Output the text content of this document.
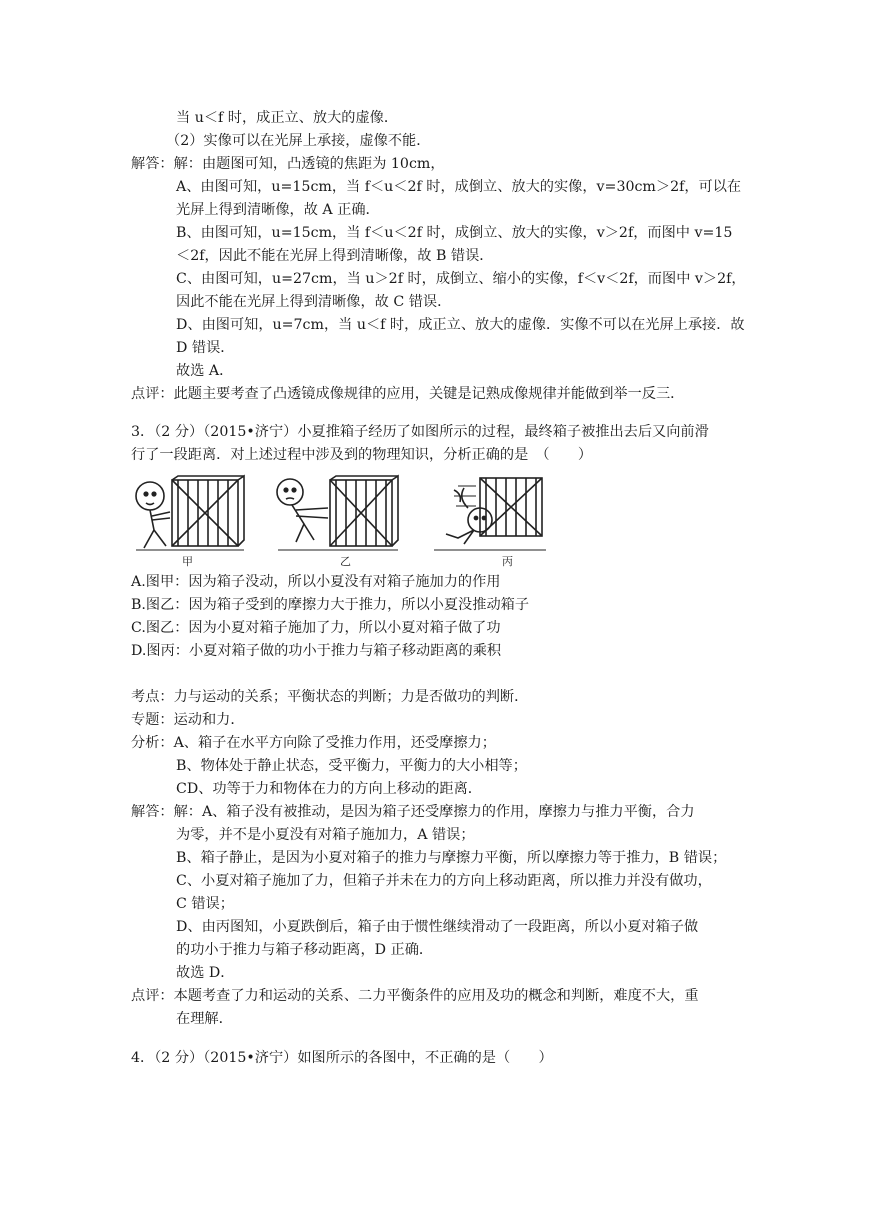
当 u＜f 时，成正立、放大的虚像．
（2）实像可以在光屏上承接，虚像不能．
解答：解：由题图可知，凸透镜的焦距为 10cm，
A、由图可知，u=15cm，当 f＜u＜2f 时，成倒立、放大的实像，v=30cm＞2f，可以在
光屏上得到清晰像，故 A 正确．
B、由图可知，u=15cm，当 f＜u＜2f 时，成倒立、放大的实像，v＞2f，而图中 v=15
＜2f，因此不能在光屏上得到清晰像，故 B 错误．
C、由图可知，u=27cm，当 u＞2f 时，成倒立、缩小的实像，f＜v＜2f，而图中 v＞2f，
因此不能在光屏上得到清晰像，故 C 错误．
D、由图可知，u=7cm，当 u＜f 时，成正立、放大的虚像．实像不可以在光屏上承接．故
D 错误．
故选 A．
点评：此题主要考查了凸透镜成像规律的应用，关键是记熟成像规律并能做到举一反三．
3．（2 分）（2015•济宁）小夏推箱子经历了如图所示的过程，最终箱子被推出去后又向前滑
行了一段距离．对上述过程中涉及到的物理知识，分析正确的是　（　　）
甲	乙	丙
A.图甲：因为箱子没动，所以小夏没有对箱子施加力的作用
B.图乙：因为箱子受到的摩擦力大于推力，所以小夏没推动箱子
C.图乙：因为小夏对箱子施加了力，所以小夏对箱子做了功
D.图丙：小夏对箱子做的功小于推力与箱子移动距离的乘积
考点：力与运动的关系；平衡状态的判断；力是否做功的判断．
专题：运动和力．
分析：A、箱子在水平方向除了受推力作用，还受摩擦力；
B、物体处于静止状态，受平衡力，平衡力的大小相等；
CD、功等于力和物体在力的方向上移动的距离．
解答：解：A、箱子没有被推动，是因为箱子还受摩擦力的作用，摩擦力与推力平衡，合力
为零，并不是小夏没有对箱子施加力，A 错误；
B、箱子静止，是因为小夏对箱子的推力与摩擦力平衡，所以摩擦力等于推力，B 错误；
C、小夏对箱子施加了力，但箱子并未在力的方向上移动距离，所以推力并没有做功，
C 错误；
D、由丙图知，小夏跌倒后，箱子由于惯性继续滑动了一段距离，所以小夏对箱子做
的功小于推力与箱子移动距离，D 正确．
故选 D．
点评：本题考查了力和运动的关系、二力平衡条件的应用及功的概念和判断，难度不大，重
在理解．
4．（2 分）（2015•济宁）如图所示的各图中，不正确的是（　　）
